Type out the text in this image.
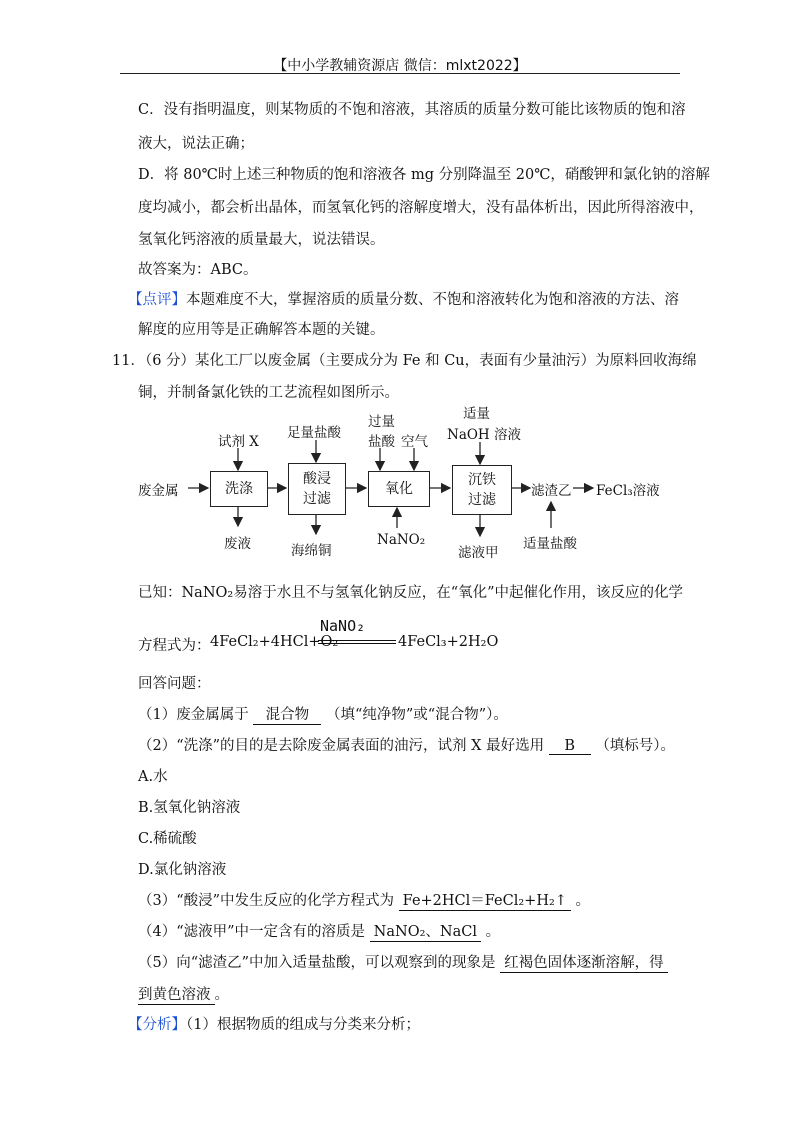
【中小学教辅资源店 微信：mlxt2022】
C．没有指明温度，则某物质的不饱和溶液，其溶质的质量分数可能比该物质的饱和溶
液大，说法正确；
D．将 80℃时上述三种物质的饱和溶液各 mg 分别降温至 20℃，硝酸钾和氯化钠的溶解
度均减小，都会析出晶体，而氢氧化钙的溶解度增大，没有晶体析出，因此所得溶液中，
氢氧化钙溶液的质量最大，说法错误。
故答案为：ABC。
【点评】本题难度不大，掌握溶质的质量分数、不饱和溶液转化为饱和溶液的方法、溶
解度的应用等是正确解答本题的关键。
11．（6 分）某化工厂以废金属（主要成分为 Fe 和 Cu，表面有少量油污）为原料回收海绵
铜，并制备氯化铁的工艺流程如图所示。
废金属	洗涤
酸浸
过滤
氧化
沉铁
过滤
试剂 X
足量盐酸
过量
盐酸 空气
适量
NaOH 溶液
废液	海绵铜
NaNO₂
滤液甲
滤渣乙 FeCl₃溶液
适量盐酸
已知：NaNO₂易溶于水且不与氢氧化钠反应，在“氧化”中起催化作用，该反应的化学
方程式为： 4FeCl₂+4HCl+O₂
NaNO₂
4FeCl₃+2H₂O
回答问题：
（1）废金属属于 混合物 （填“纯净物”或“混合物”）。
（2）“洗涤”的目的是去除废金属表面的油污，试剂 X 最好选用 B （填标号）。
A.水
B.氢氧化钠溶液
C.稀硫酸
D.氯化钠溶液
（3）“酸浸”中发生反应的化学方程式为 Fe+2HCl＝FeCl₂+H₂↑ 。
（4）“滤液甲”中一定含有的溶质是 NaNO₂、NaCl 。
（5）向“滤渣乙”中加入适量盐酸，可以观察到的现象是 红褐色固体逐渐溶解，得
到黄色溶液 。
【分析】（1）根据物质的组成与分类来分析；
